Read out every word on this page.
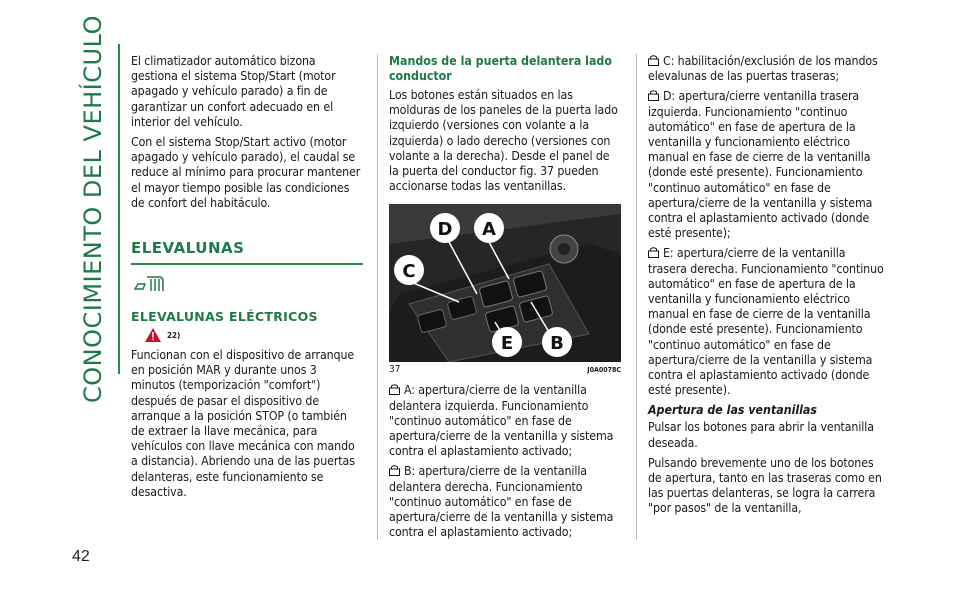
CONOCIMIENTO DEL VEHÍCULO El climatizador automático bizona gestiona el sistema Stop/Start (motor apagado y vehículo parado) a fin de garantizar un confort adecuado en el interior del vehículo.

Con el sistema Stop/Start activo (motor apagado y vehículo parado), el caudal se reduce al mínimo para procurar mantener el mayor tiempo posible las condiciones de confort del habitáculo.

ELEVALUNAS
ELEVALUNAS ELÉCTRICOS
22)

Funcionan con el dispositivo de arranque en posición MAR y durante unos 3 minutos (temporización "comfort") después de pasar el dispositivo de arranque a la posición STOP (o también de extraer la llave mecánica, para vehículos con llave mecánica con mando a distancia). Abriendo una de las puertas delanteras, este funcionamiento se desactiva.

Mandos de la puerta delantera lado conductor

Los botones están situados en las molduras de los paneles de la puerta lado izquierdo (versiones con volante a la izquierda) o lado derecho (versiones con volante a la derecha). Desde el panel de la puerta del conductor fig. 37 pueden accionarse todas las ventanillas.

D A
C
E B
37	J0A0078C

A: apertura/cierre de la ventanilla delantera izquierda. Funcionamiento "continuo automático" en fase de apertura/cierre de la ventanilla y sistema contra el aplastamiento activado;

B: apertura/cierre de la ventanilla delantera derecha. Funcionamiento "continuo automático" en fase de apertura/cierre de la ventanilla y sistema contra el aplastamiento activado;

C: habilitación/exclusión de los mandos elevalunas de las puertas traseras;

D: apertura/cierre ventanilla trasera izquierda. Funcionamiento "continuo automático" en fase de apertura de la ventanilla y funcionamiento eléctrico manual en fase de cierre de la ventanilla (donde esté presente). Funcionamiento "continuo automático" en fase de apertura/cierre de la ventanilla y sistema contra el aplastamiento activado (donde esté presente);

E: apertura/cierre de la ventanilla trasera derecha. Funcionamiento "continuo automático" en fase de apertura de la ventanilla y funcionamiento eléctrico manual en fase de cierre de la ventanilla (donde esté presente). Funcionamiento "continuo automático" en fase de apertura/cierre de la ventanilla y sistema contra el aplastamiento activado (donde esté presente).

Apertura de las ventanillas

Pulsar los botones para abrir la ventanilla deseada.

Pulsando brevemente uno de los botones de apertura, tanto en las traseras como en las puertas delanteras, se logra la carrera "por pasos" de la ventanilla,

42
